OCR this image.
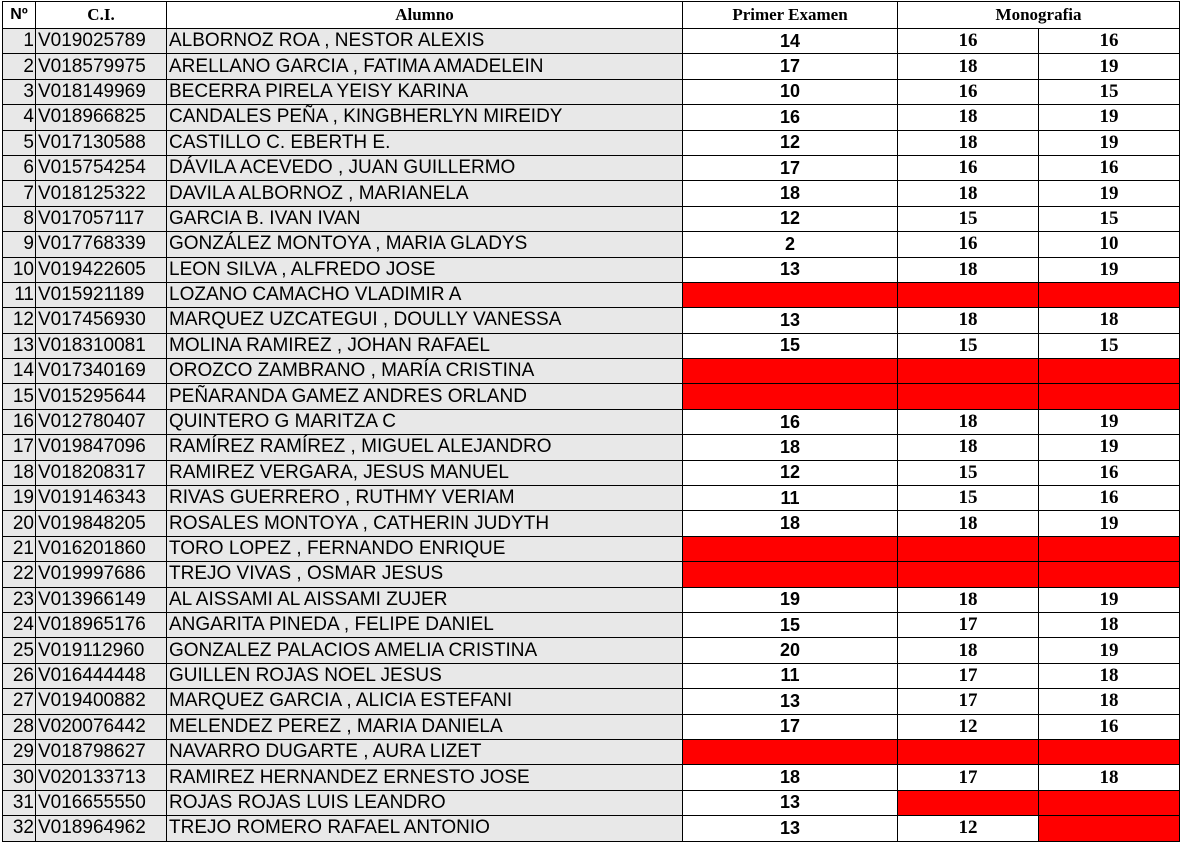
Nº	C.I.	Alumno	Primer Examen	Monografia	
1	V019025789	ALBORNOZ ROA , NESTOR ALEXIS	14	16	16
2	V018579975	ARELLANO GARCIA , FATIMA AMADELEIN	17	18	19
3	V018149969	BECERRA PIRELA YEISY KARINA	10	16	15
4	V018966825	CANDALES PEÑA , KINGBHERLYN MIREIDY	16	18	19
5	V017130588	CASTILLO C. EBERTH E.	12	18	19
6	V015754254	DÁVILA ACEVEDO , JUAN GUILLERMO	17	16	16
7	V018125322	DAVILA ALBORNOZ , MARIANELA	18	18	19
8	V017057117	GARCIA B. IVAN IVAN	12	15	15
9	V017768339	GONZÁLEZ MONTOYA , MARIA GLADYS	2	16	10
10	V019422605	LEON SILVA , ALFREDO JOSE	13	18	19
11	V015921189	LOZANO CAMACHO VLADIMIR A			
12	V017456930	MARQUEZ UZCATEGUI , DOULLY VANESSA	13	18	18
13	V018310081	MOLINA RAMIREZ , JOHAN RAFAEL	15	15	15
14	V017340169	OROZCO ZAMBRANO , MARÍA CRISTINA			
15	V015295644	PEÑARANDA GAMEZ ANDRES ORLAND			
16	V012780407	QUINTERO G MARITZA C	16	18	19
17	V019847096	RAMÍREZ RAMÍREZ , MIGUEL ALEJANDRO	18	18	19
18	V018208317	RAMIREZ VERGARA, JESUS MANUEL	12	15	16
19	V019146343	RIVAS GUERRERO , RUTHMY VERIAM	11	15	16
20	V019848205	ROSALES MONTOYA , CATHERIN JUDYTH	18	18	19
21	V016201860	TORO LOPEZ , FERNANDO ENRIQUE			
22	V019997686	TREJO VIVAS , OSMAR JESUS			
23	V013966149	AL AISSAMI AL AISSAMI ZUJER	19	18	19
24	V018965176	ANGARITA PINEDA , FELIPE DANIEL	15	17	18
25	V019112960	GONZALEZ PALACIOS AMELIA CRISTINA	20	18	19
26	V016444448	GUILLEN ROJAS NOEL JESUS	11	17	18
27	V019400882	MARQUEZ GARCIA , ALICIA ESTEFANI	13	17	18
28	V020076442	MELENDEZ PEREZ , MARIA DANIELA	17	12	16
29	V018798627	NAVARRO DUGARTE , AURA LIZET			
30	V020133713	RAMIREZ HERNANDEZ ERNESTO JOSE	18	17	18
31	V016655550	ROJAS ROJAS LUIS LEANDRO	13		
32	V018964962	TREJO ROMERO RAFAEL ANTONIO	13	12	
